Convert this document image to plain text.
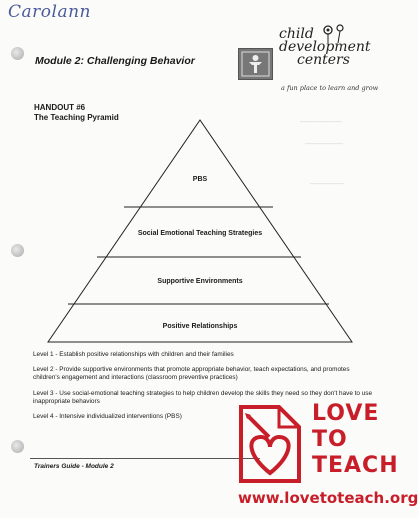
Carolann
Module 2: Challenging Behavior
child
development
centers
a fun place to learn and grow
━━━━━━━━━━
━━━━━━━━━
━━━━━━━━
HANDOUT #6
The Teaching Pyramid
PBS
Social Emotional Teaching Strategies
Supportive Environments
Positive Relationships
Level 1 - Establish positive relationships with children and their families
Level 2 - Provide supportive environments that promote appropriate behavior, teach expectations, and promotes children's engagement and interactions (classroom preventive practices)
Level 3 - Use social-emotional teaching strategies to help children develop the skills they need so they don't have to use inappropriate behaviors
Level 4 - Intensive individualized interventions (PBS)
Trainers Guide - Module 2
LOVE
TO
TEACH
www.lovetoteach.org
